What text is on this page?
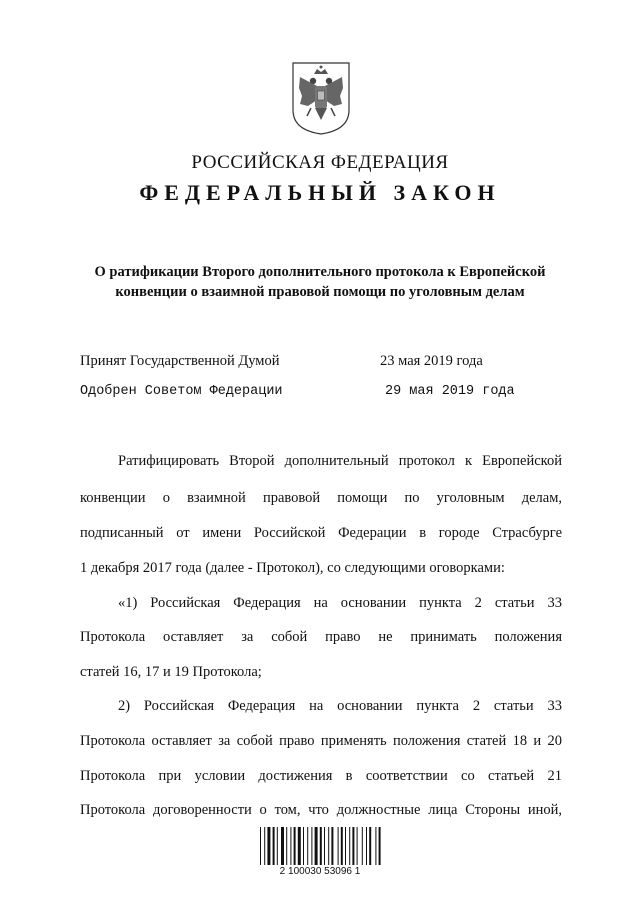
РОССИЙСКАЯ ФЕДЕРАЦИЯ
ФЕДЕРАЛЬНЫЙ ЗАКОН
О ратификации Второго дополнительного протокола к Европейской
конвенции о взаимной правовой помощи по уголовным делам
Принят Государственной Думой	23 мая 2019 года
Одобрен Советом Федерации	29 мая 2019 года
Ратифицировать Второй дополнительный протокол к Европейской
конвенции о взаимной правовой помощи по уголовным делам,
подписанный от имени Российской Федерации в городе Страсбурге
1 декабря 2017 года (далее - Протокол), со следующими оговорками:
«1) Российская Федерация на основании пункта 2 статьи 33
Протокола оставляет за собой право не принимать положения
статей 16, 17 и 19 Протокола;
2) Российская Федерация на основании пункта 2 статьи 33
Протокола оставляет за собой право применять положения статей 18 и 20
Протокола при условии достижения в соответствии со статьей 21
Протокола договоренности о том, что должностные лица Стороны иной,
2 100030 53096 1
